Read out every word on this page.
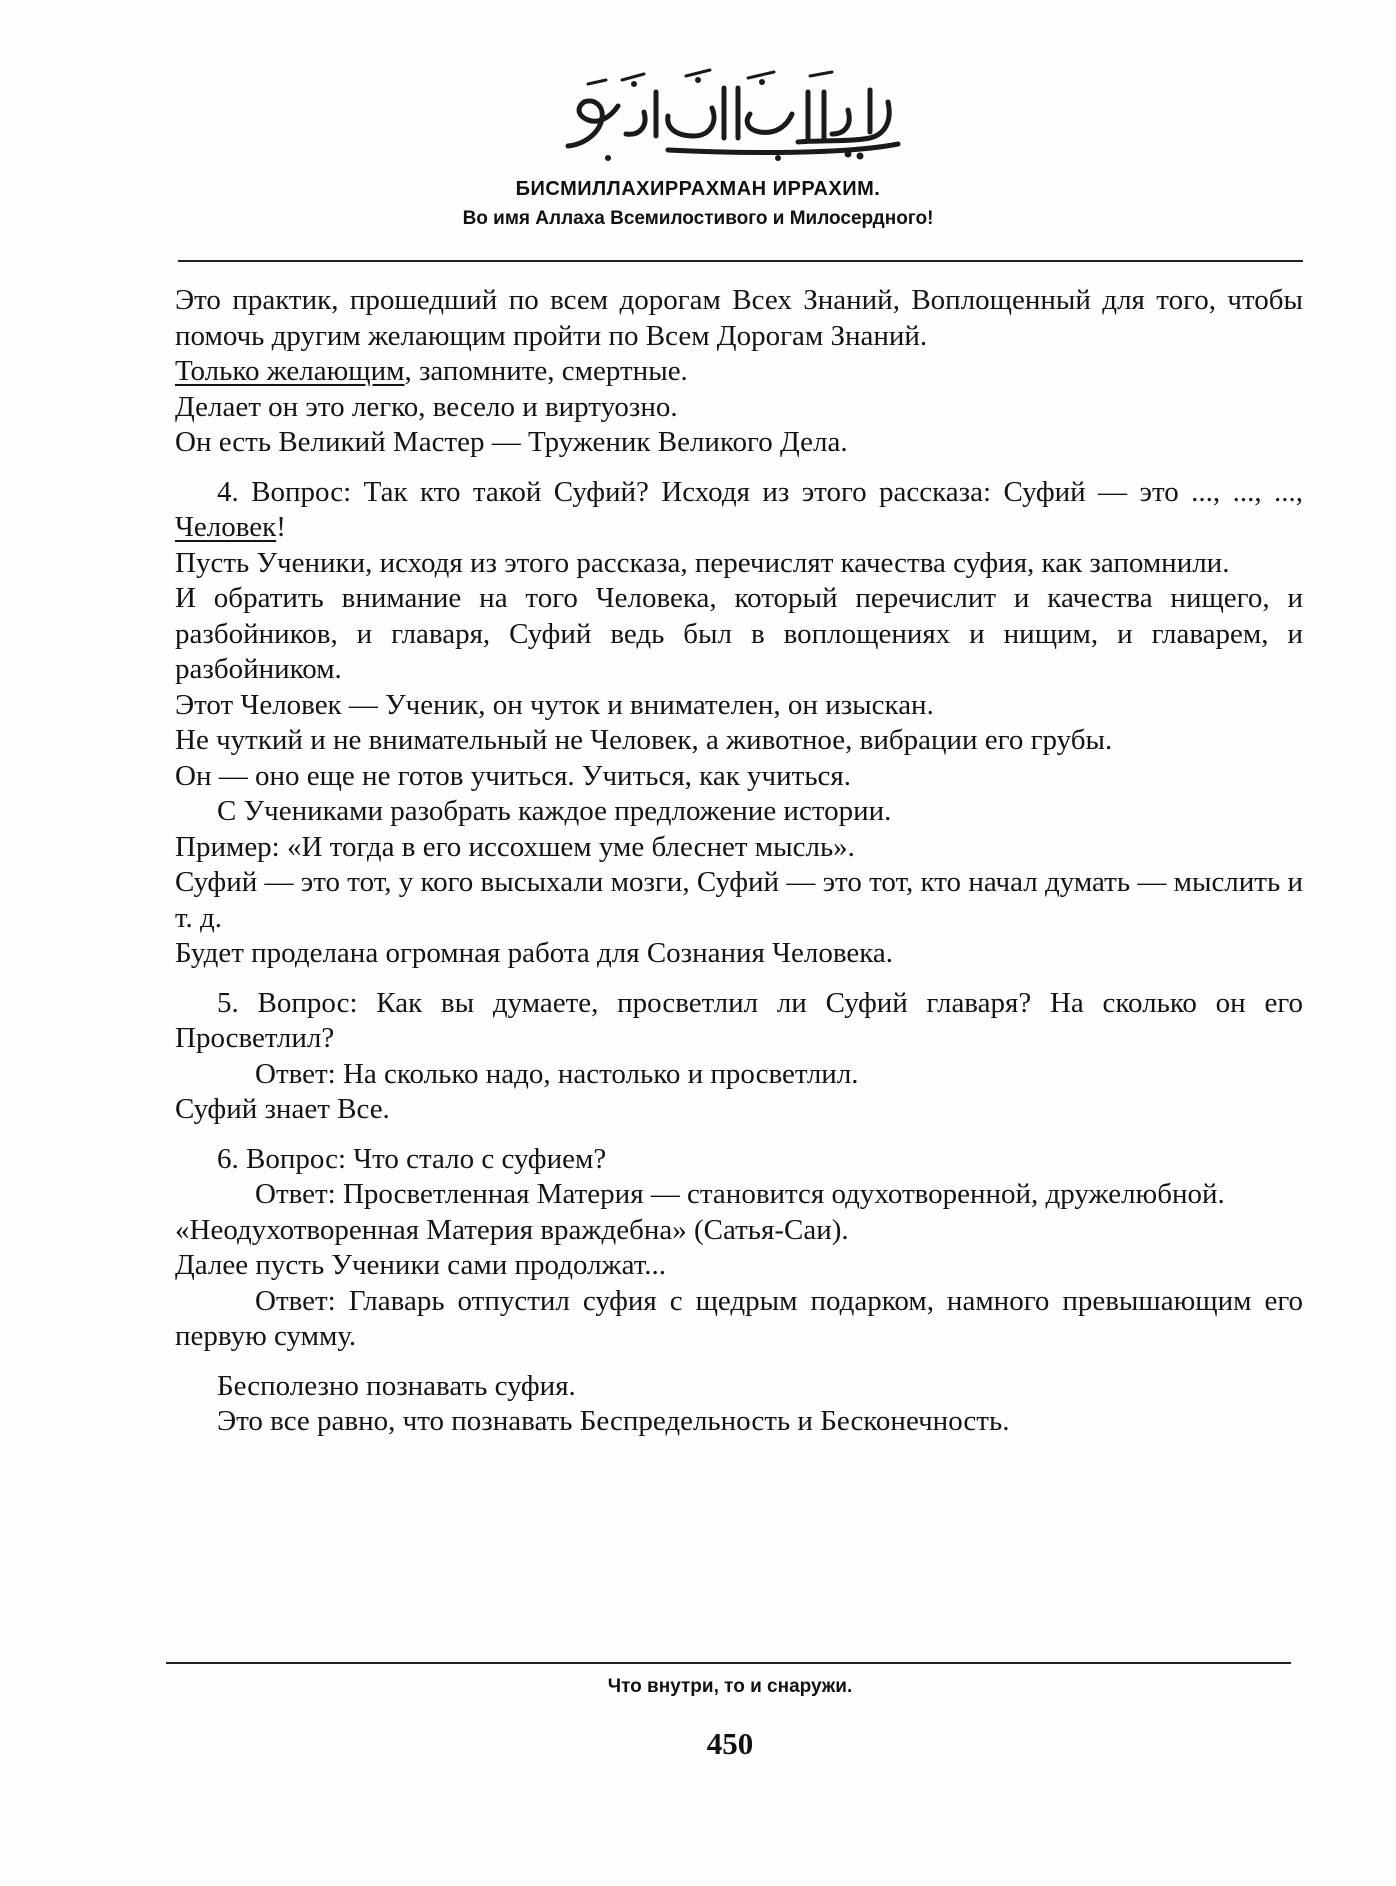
БИСМИЛЛАХИРРАХМАН ИРРАХИМ.
Во имя Аллаха Всемилостивого и Милосердного!

Это практик, прошедший по всем дорогам Всех Знаний, Воплощенный для того, чтобы помочь другим желающим пройти по Всем Дорогам Знаний.

Только желающим, запомните, смертные.

Делает он это легко, весело и виртуозно.

Он есть Великий Мастер — Труженик Великого Дела.

4. Вопрос: Так кто такой Суфий? Исходя из этого рассказа: Суфий — это ..., ..., ..., Человек!

Пусть Ученики, исходя из этого рассказа, перечислят качества суфия, как запомнили.

И обратить внимание на того Человека, который перечислит и качества нищего, и разбойников, и главаря, Суфий ведь был в воплощениях и нищим, и главарем, и разбойником.

Этот Человек — Ученик, он чуток и внимателен, он изыскан.

Не чуткий и не внимательный не Человек, а животное, вибрации его грубы.

Он — оно еще не готов учиться. Учиться, как учиться.

С Учениками разобрать каждое предложение истории.

Пример: «И тогда в его иссохшем уме блеснет мысль».

Суфий — это тот, у кого высыхали мозги, Суфий — это тот, кто начал думать — мыслить и т. д.

Будет проделана огромная работа для Сознания Человека.

5. Вопрос: Как вы думаете, просветлил ли Суфий главаря? На сколько он его Просветлил?

Ответ: На сколько надо, настолько и просветлил.

Суфий знает Все.

6. Вопрос: Что стало с суфием?

Ответ: Просветленная Материя — становится одухотворенной, дружелюбной.

«Неодухотворенная Материя враждебна» (Сатья-Саи).

Далее пусть Ученики сами продолжат...

Ответ: Главарь отпустил суфия с щедрым подарком, намного превышающим его первую сумму.

Бесполезно познавать суфия.

Это все равно, что познавать Беспредельность и Бесконечность.

Что внутри, то и снаружи.
450
